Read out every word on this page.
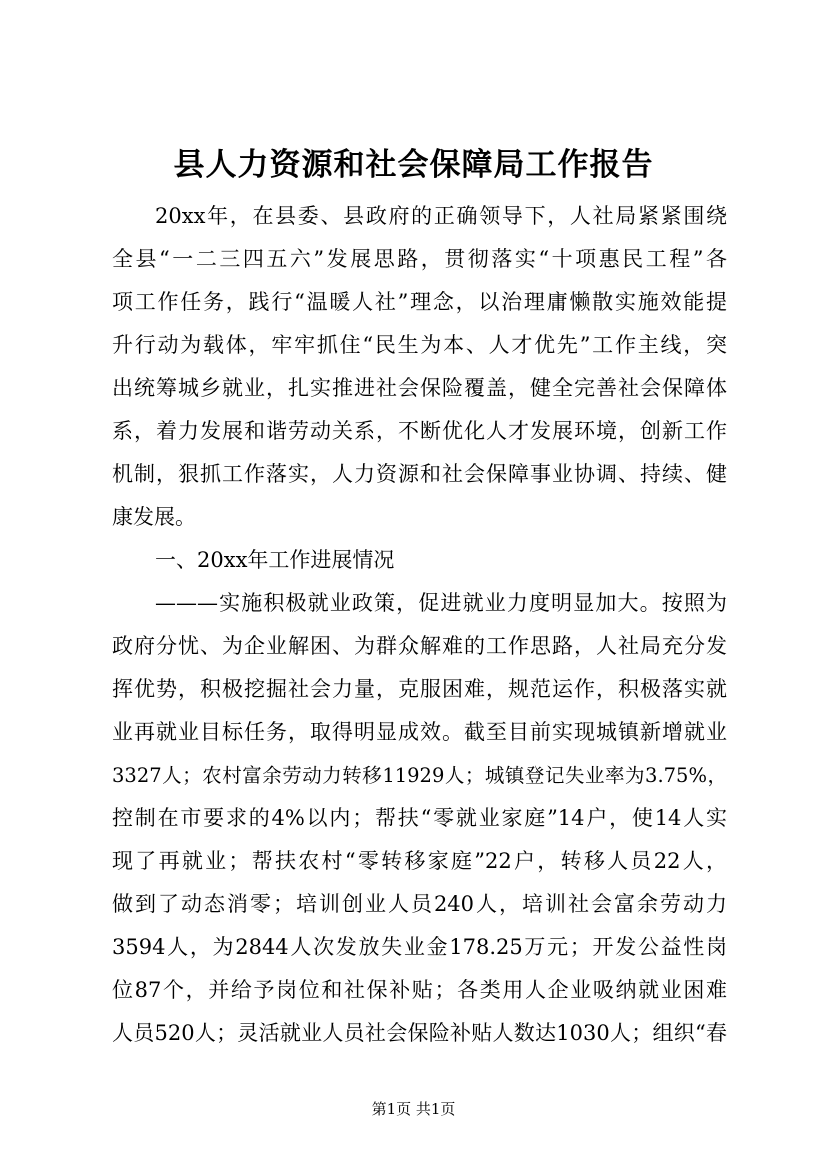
县人力资源和社会保障局工作报告
20xx年，在县委、县政府的正确领导下，人社局紧紧围绕
全县“一二三四五六”发展思路，贯彻落实“十项惠民工程”各
项工作任务，践行“温暖人社”理念，以治理庸懒散实施效能提
升行动为载体，牢牢抓住“民生为本、人才优先”工作主线，突
出统筹城乡就业，扎实推进社会保险覆盖，健全完善社会保障体
系，着力发展和谐劳动关系，不断优化人才发展环境，创新工作
机制，狠抓工作落实，人力资源和社会保障事业协调、持续、健
康发展。
一、20xx年工作进展情况
———实施积极就业政策，促进就业力度明显加大。按照为
政府分忧、为企业解困、为群众解难的工作思路，人社局充分发
挥优势，积极挖掘社会力量，克服困难，规范运作，积极落实就
业再就业目标任务，取得明显成效。截至目前实现城镇新增就业
3327人；农村富余劳动力转移11929人；城镇登记失业率为3.75%，
控制在市要求的4%以内；帮扶“零就业家庭”14户，使14人实
现了再就业；帮扶农村“零转移家庭”22户，转移人员22人，
做到了动态消零；培训创业人员240人，培训社会富余劳动力
3594人，为2844人次发放失业金178.25万元；开发公益性岗
位87个，并给予岗位和社保补贴；各类用人企业吸纳就业困难
人员520人；灵活就业人员社会保险补贴人数达1030人；组织“春
第1页 共1页
